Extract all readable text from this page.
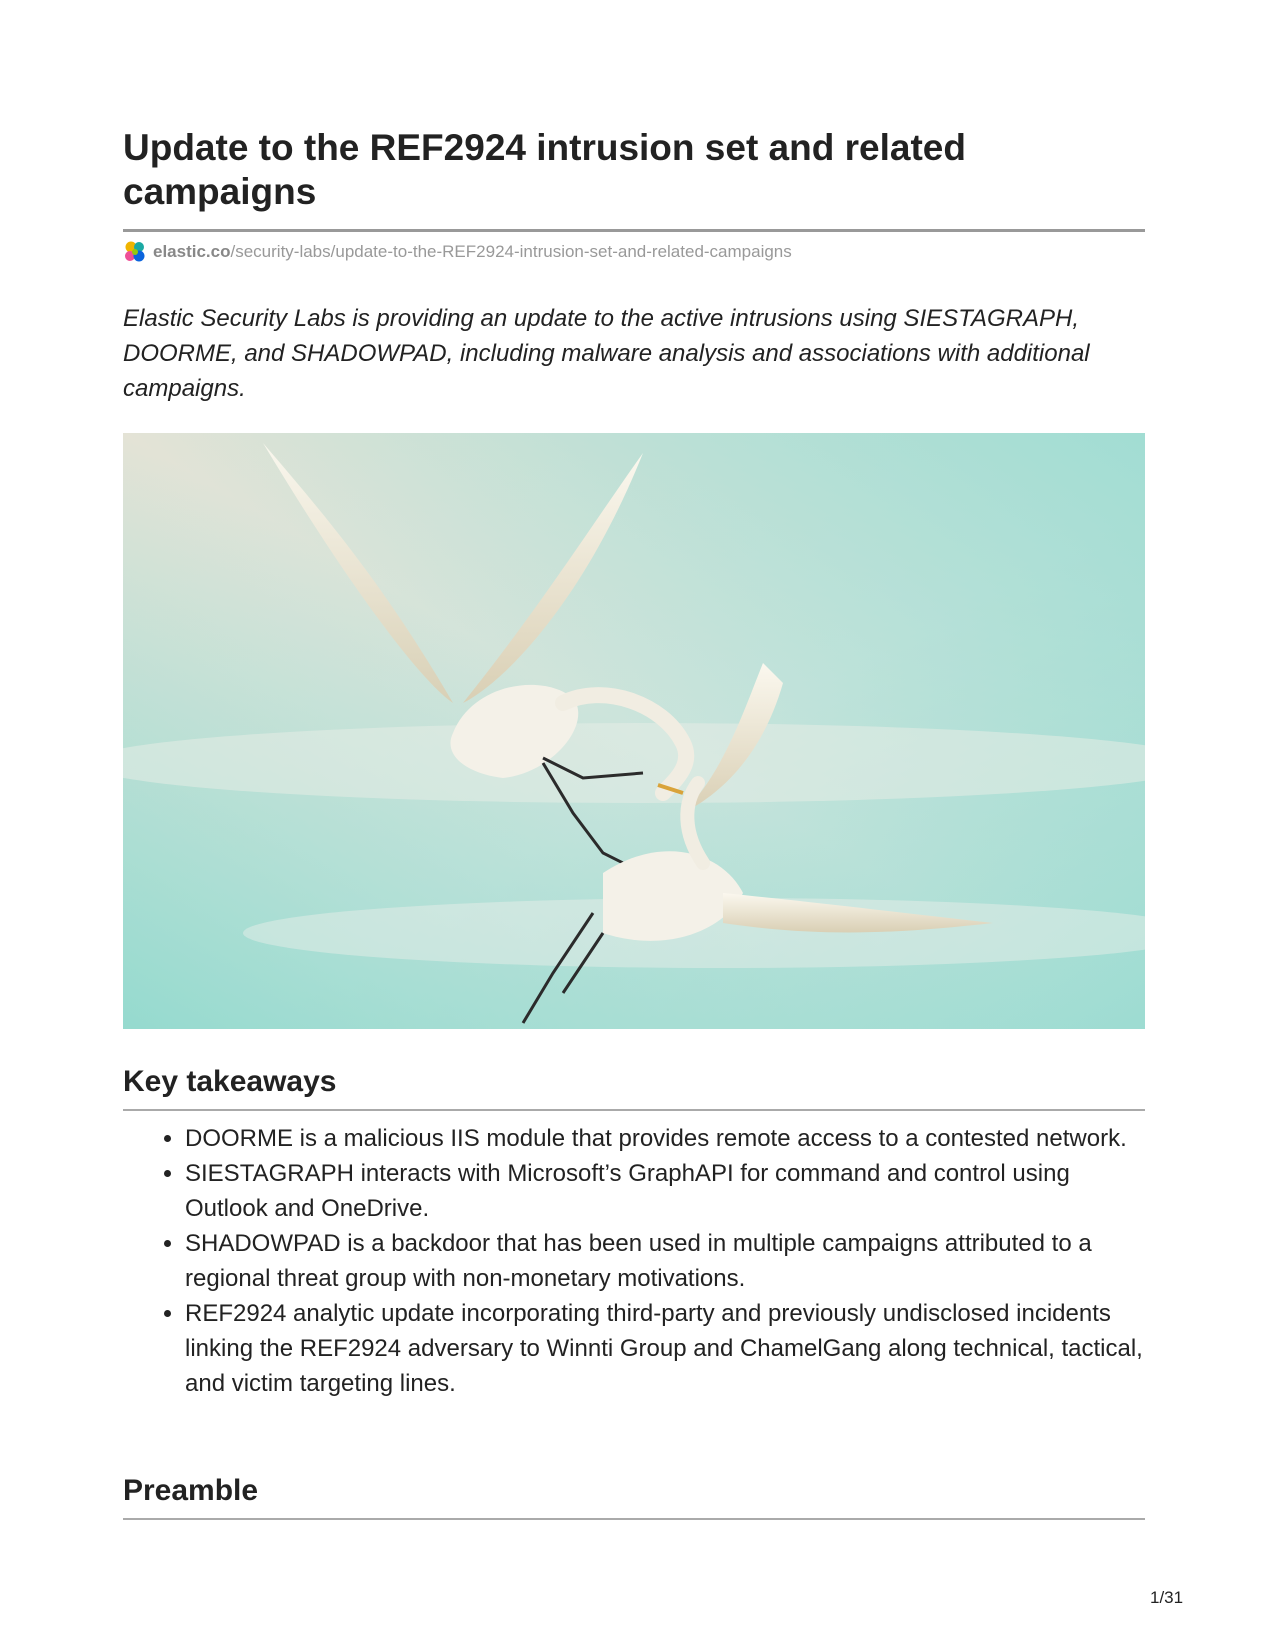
Update to the REF2924 intrusion set and related campaigns
elastic.co /security-labs/update-to-the-REF2924-intrusion-set-and-related-campaigns

Elastic Security Labs is providing an update to the active intrusions using SIESTAGRAPH, DOORME, and SHADOWPAD, including malware analysis and associations with additional campaigns.

Key takeaways
• DOORME is a malicious IIS module that provides remote access to a contested network.
• SIESTAGRAPH interacts with Microsoft’s GraphAPI for command and control using Outlook and OneDrive.
• SHADOWPAD is a backdoor that has been used in multiple campaigns attributed to a regional threat group with non-monetary motivations.
• REF2924 analytic update incorporating third-party and previously undisclosed incidents linking the REF2924 adversary to Winnti Group and ChamelGang along technical, tactical, and victim targeting lines.
Preamble
1/31
